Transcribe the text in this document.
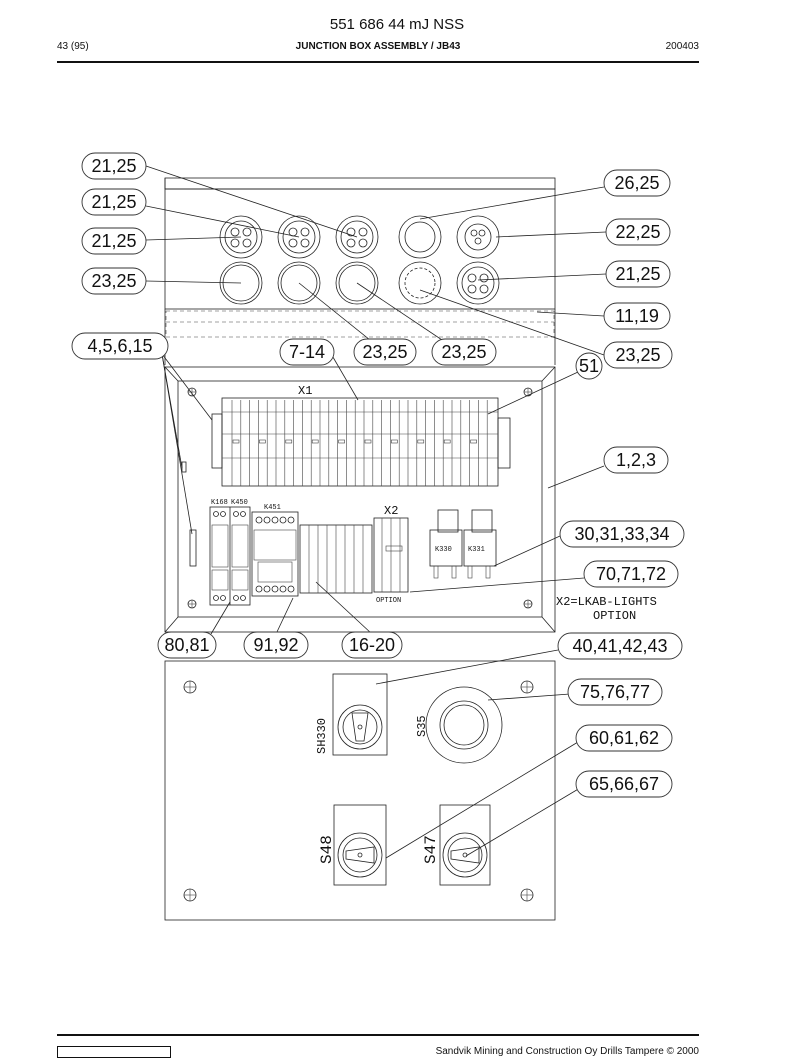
551 686 44 mJ NSS
43 (95)	JUNCTION BOX ASSEMBLY / JB43	200403
X1
K168 K450
K451	X2
OPTION
K330 K331
X2=LKAB-LIGHTS
OPTION
SH330	S35
S48	S47
21,25
21,25
21,25
23,25
26,25
22,25
21,25
11,19
4,5,6,15	7-14 23,25 23,25
51
23,25
1,2,3
30,31,33,34
70,71,72
80,81 91,92	16-20	40,41,42,43
75,76,77
60,61,62
65,66,67
Sandvik Mining and Construction Oy Drills Tampere © 2000
